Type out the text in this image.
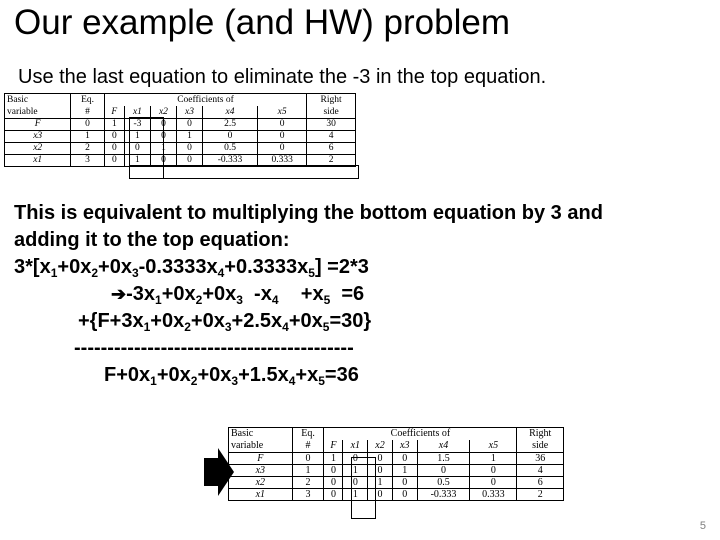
Our example (and HW) problem
Use the last equation to eliminate the -3 in the top equation.
Basic	Eq.	Coefficients of						Right
variable	#	F	x1	x2	x3	x4	x5	side
F	0	1	-3	0	0	2.5	0	30
x3	1	0	1	0	1	0	0	4
x2	2	0	0	1	0	0.5	0	6
x1	3	0	1	0	0	-0.333	0.333	2
This is equivalent to multiplying the bottom equation by 3 and
adding it to the top equation:
$3*[x_1+0x_2+0x_3-0.3333x_4+0.3333x_5] =2*3$
$➔-3x_1+0x_2+0x_3$  $-x_4$    $+x_5 =6$
$+\{F+3x_1+0x_2+0x_3+2.5x_4+0x_5=30\}$
------------------------------------------
$F+0x_1+0x_2+0x_3+1.5x_4+x_5=36$
Basic	Eq.	Coefficients of						Right
variable	#	F	x1	x2	x3	x4	x5	side
F	0	1	0	0	0	1.5	1	36
x3	1	0	1	0	1	0	0	4
x2	2	0	0	1	0	0.5	0	6
x1	3	0	1	0	0	-0.333	0.333	2
5
